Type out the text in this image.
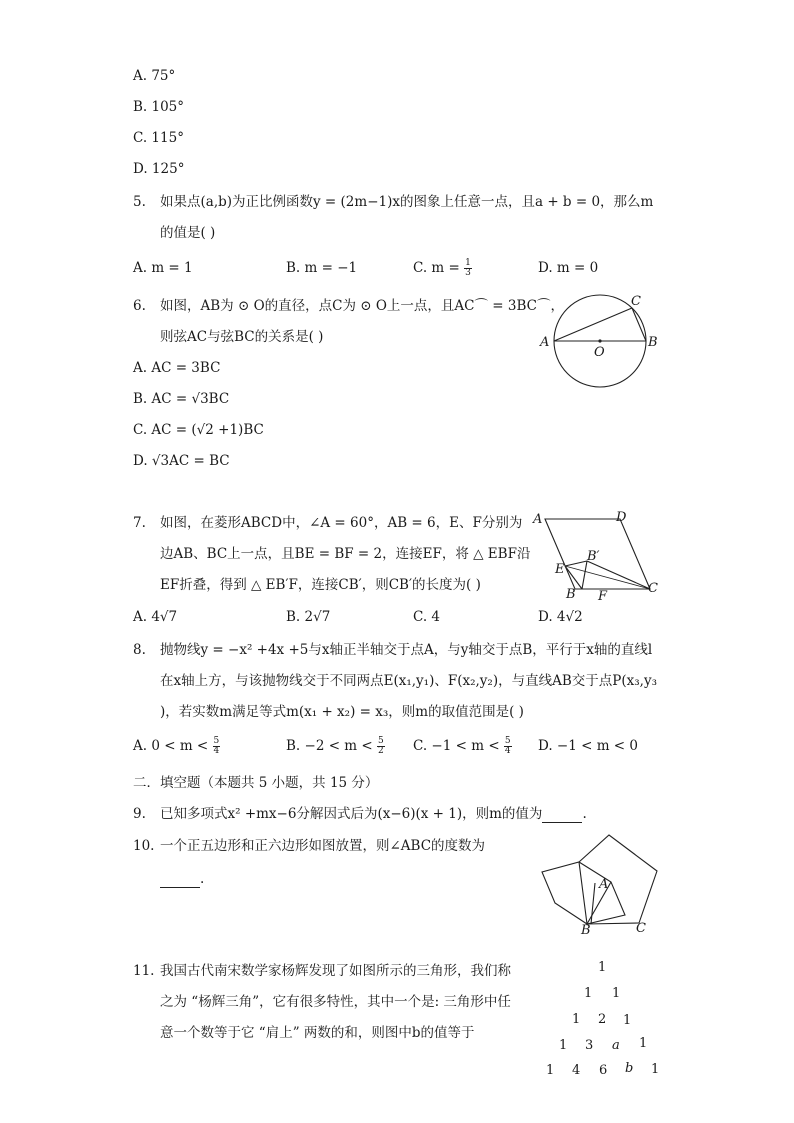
A. 75°
B. 105°
C. 115°
D. 125°
5. 如果点(a,b)为正比例函数y = (2m−1)x的图象上任意一点，且a + b = 0，那么m
的值是( )
A. m = 1	B. m = −1	C. $m = \frac{1}{3}$	D. m = 0
6. 如图，AB为 ⊙ O的直径，点C为 ⊙ O上一点，且AC⌒ = 3BC⌒，
则弦AC与弦BC的关系是( )
A. AC = 3BC
B. AC = √3BC
C. AC = (√2 +1)BC
D. √3AC = BC
A	B
C
O
7. 如图，在菱形ABCD中，∠A = 60°，AB = 6，E、F分别为
边AB、BC上一点，且BE = BF = 2，连接EF，将 △ EBF沿
EF折叠，得到 △ EB′F，连接CB′，则CB′的长度为( )
A. 4√7	B. 2√7	C. 4	D. 4√2
A	D
C
B
E
F
B′
8. 抛物线y = −x² +4x +5与x轴正半轴交于点A，与y轴交于点B，平行于x轴的直线l
在x轴上方，与该抛物线交于不同两点E(x₁,y₁)、F(x₂,y₂)，与直线AB交于点P(x₃,y₃
)，若实数m满足等式m(x₁ + x₂) = x₃，则m的取值范围是( )
A. $0 < m < \frac{5}{4}$	B. $-2 < m < \frac{5}{2} C$. $-1 < m < \frac{5}{4} D$. −1 < m < 0
二．填空题（本题共 5 小题，共 15 分）
9. 已知多项式x² +mx−6分解因式后为(x−6)(x + 1)，则m的值为	.
10. 一个正五边形和正六边形如图放置，则∠ABC的度数为
.	A
B	C
11. 我国古代南宋数学家杨辉发现了如图所示的三角形，我们称
之为 “杨辉三角”，它有很多特性，其中一个是: 三角形中任
意一个数等于它 “肩上” 两数的和，则图中b的值等于
1
1 1
1 2 1
1 3 a 1
1 4 6 b 1
